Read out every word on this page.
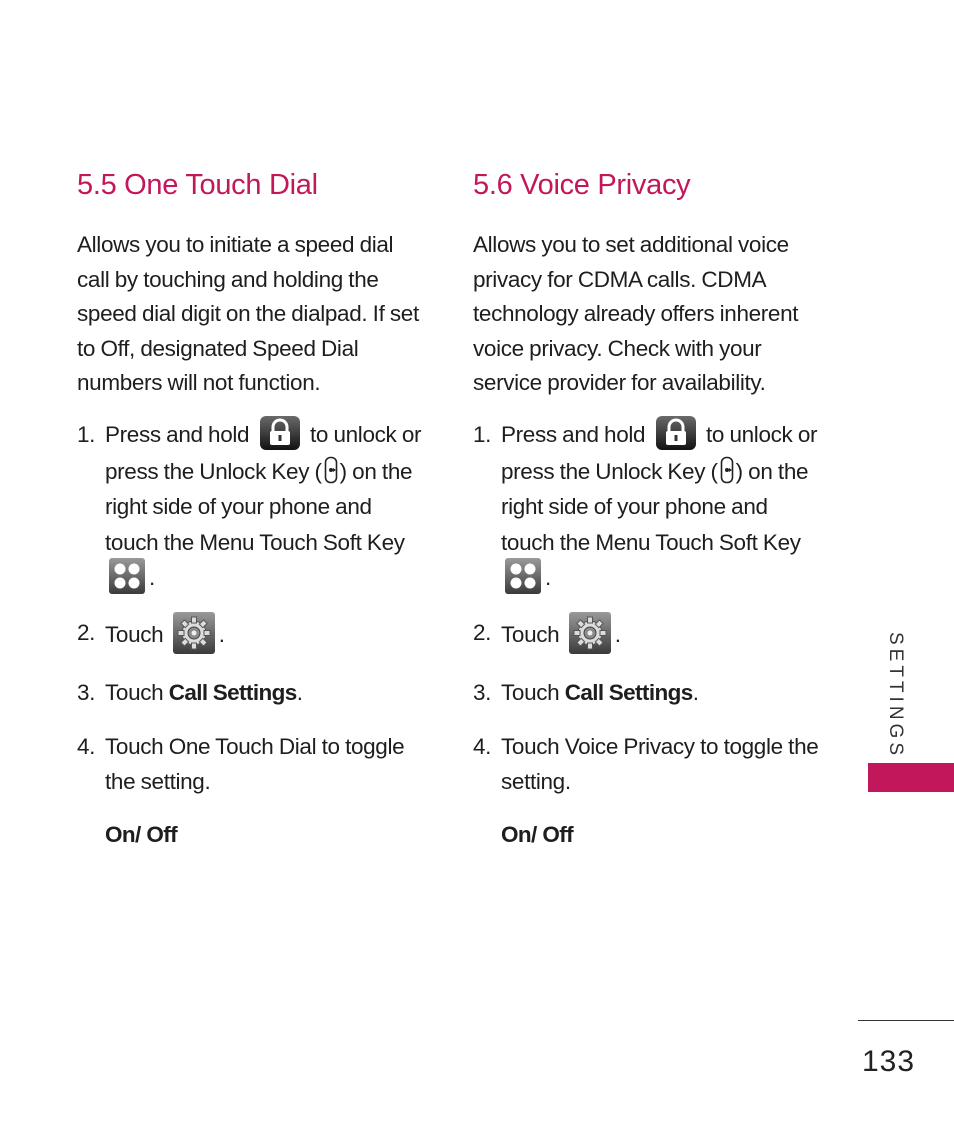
5.5 One Touch Dial

Allows you to initiate a speed dial call by touching and holding the speed dial digit on the dialpad. If set to Off, designated Speed Dial numbers will not function.

1. Press and hold	to unlock or press the Unlock Key ( ) on the right side of your phone and touch the Menu Touch Soft Key .
2. Touch .
3. Touch Call Settings.
4. Touch One Touch Dial to toggle the setting.
On/ Off
5.6 Voice Privacy

Allows you to set additional voice privacy for CDMA calls. CDMA technology already offers inherent voice privacy. Check with your service provider for availability.

1. Press and hold	to unlock or press the Unlock Key ( ) on the right side of your phone and touch the Menu Touch Soft Key .
2. Touch .
3. Touch Call Settings.
4. Touch Voice Privacy to toggle the setting.
On/ Off
SETTINGS
133
